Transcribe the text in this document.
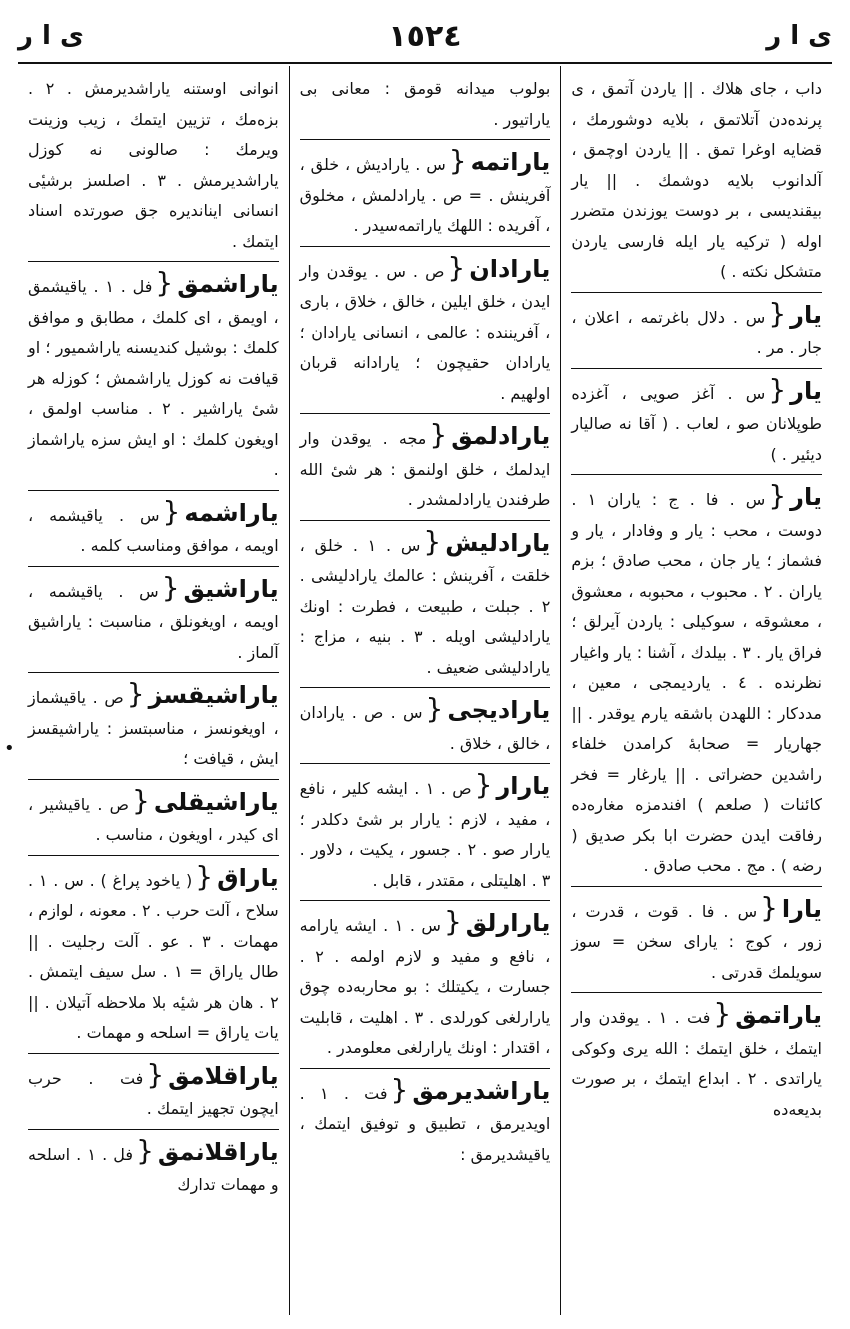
ی ا ر	١٥٢٤	ی ا ر

داب ، جای هلاك . || یاردن آتمق ، ی پرندەدن آتلاتمق ، بلایه دوشورمك ، قضایه اوغرا تمق . || یاردن اوچمق ، آلدانوب بلایه دوشمك . || یار بیقندیسی ، بر دوست یوزندن متضرر اوله ( ترکیه یار ایله فارسی یاردن متشکل نکتە . )

یار{س . دلال باغرتمه ، اعلان ، جار . مر .

یار{س . آغز صویی ، آغزده طوپلانان صو ، لعاب . ( آقا نه صالیار دیئیر . )

یار{س . فا . ج : یاران ١ . دوست ، محب : یار و وفادار ، یار و فشماز ؛ یار جان ، محب صادق ؛ بزم یاران . ٢ . محبوب ، محبوبه ، معشوق ، معشوقه ، سوکیلی : یاردن آیرلق ؛ فراق یار . ٣ . بیلدك ، آشنا : یار واغیار نظرنده . ٤ . یاردیمجی ، معین ، مددکار : اللهدن باشقه یارم یوقدر . || جهاریار = صحابهٔ کرامدن خلفاء راشدین حضراتی . || یارغار = فخر کائنات ( صلعم ) افندمزه مغارەده رفاقت ایدن حضرت ابا بکر صدیق ( رضه ) . مج . محب صادق .

یارا{س . فا . قوت ، قدرت ، زور ، کوج : یارای سخن = سوز سویلمك قدرتی .

یاراتمق{فت . ١ . یوقدن وار ایتمك ، خلق ایتمك : الله یری وکوکی یاراتدی . ٢ . ابداع ایتمك ، بر صورت بدیعەده

بولوب میدانه قومق : معانی بی یاراتیور .

یاراتمه{س . یارادیش ، خلق ، آفرینش . = ص . یارادلمش ، مخلوق ، آفریده : اللهك یاراتمەسیدر .

یارادان{ص . س . یوقدن وار ایدن ، خلق ایلین ، خالق ، خلاق ، باری ، آفریننده : عالمی ، انسانی یارادان ؛ یارادان حقیچون ؛ یارادانه قربان اولهیم .

یارادلمق{مجه . یوقدن وار ایدلمك ، خلق اولنمق : هر شیٔ الله طرفندن یارادلمشدر .

یارادلیش{س . ١ . خلق ، خلقت ، آفرینش : عالمك یارادلیشی . ٢ . جبلت ، طبیعت ، فطرت : اونك یارادلیشی اویله . ٣ . بنیه ، مزاج : یارادلیشی ضعیف .

یارادیجی{س . ص . یارادان ، خالق ، خلاق .

یارار{ص . ١ . ایشه کلیر ، نافع ، مفید ، لازم : یارار بر شیٔ دکلدر ؛ یارار صو . ٢ . جسور ، یکیت ، دلاور . ٣ . اهلیتلی ، مقتدر ، قابل .

یارارلق{س . ١ . ایشه یارامه ، نافع و مفید و لازم اولمه . ٢ . جسارت ، یکیتلك : بو محاربەده چوق یارارلغی کورلدی . ٣ . اهلیت ، قابلیت ، اقتدار : اونك یارارلغی معلومدر .

یاراشدیرمق{فت . ١ . اویدیرمق ، تطبیق و توفیق ایتمك ، یاقیشدیرمق :

انوانی اوستنه یاراشدیرمش . ٢ . بزەمك ، تزیین ایتمك ، زیب وزینت ویرمك : صالونی نه کوزل یاراشدیرمش . ٣ . اصلسز برشیٔی انسانی اینانديره جق صورتده اسناد ایتمك .

یاراشمق{فل . ١ . یاقیشمق ، اویمق ، ای کلمك ، مطابق و موافق کلمك : بوشیل کندیسنه یاراشمیور ؛ او قیافت نه کوزل یاراشمش ؛ کوزله هر شیٔ یاراشیر . ٢ . مناسب اولمق ، اویغون کلمك : او ایش سزه یاراشماز .

یاراشمه{س . یاقیشمه ، اویمه ، موافق ومناسب کلمه .

یاراشیق{س . یاقیشمه ، اویمه ، اویغونلق ، مناسبت : یاراشیق آلماز .

یاراشیقسز{ص . یاقیشماز ، اویغونسز ، مناسبتسز : یاراشیقسز ایش ، قیافت ؛

یاراشیقلی{ص . یاقیشیر ، ای کیدر ، اویغون ، مناسب .

یاراق{( یاخود پراغ ) . س . ١ . سلاح ، آلت حرب . ٢ . معونه ، لوازم ، مهمات . ٣ . عو . آلت رجلیت . || طال یاراق = ١ . سل سیف ایتمش . ٢ . هان هر شیٔه بلا ملاحظه آتیلان . || یات یاراق = اسلحه و مهمات .

یاراقلامق{فت . حرب ایچون تجهیز ایتمك .

یاراقلانمق{فل . ١ . اسلحه و مهمات تدارك

•
